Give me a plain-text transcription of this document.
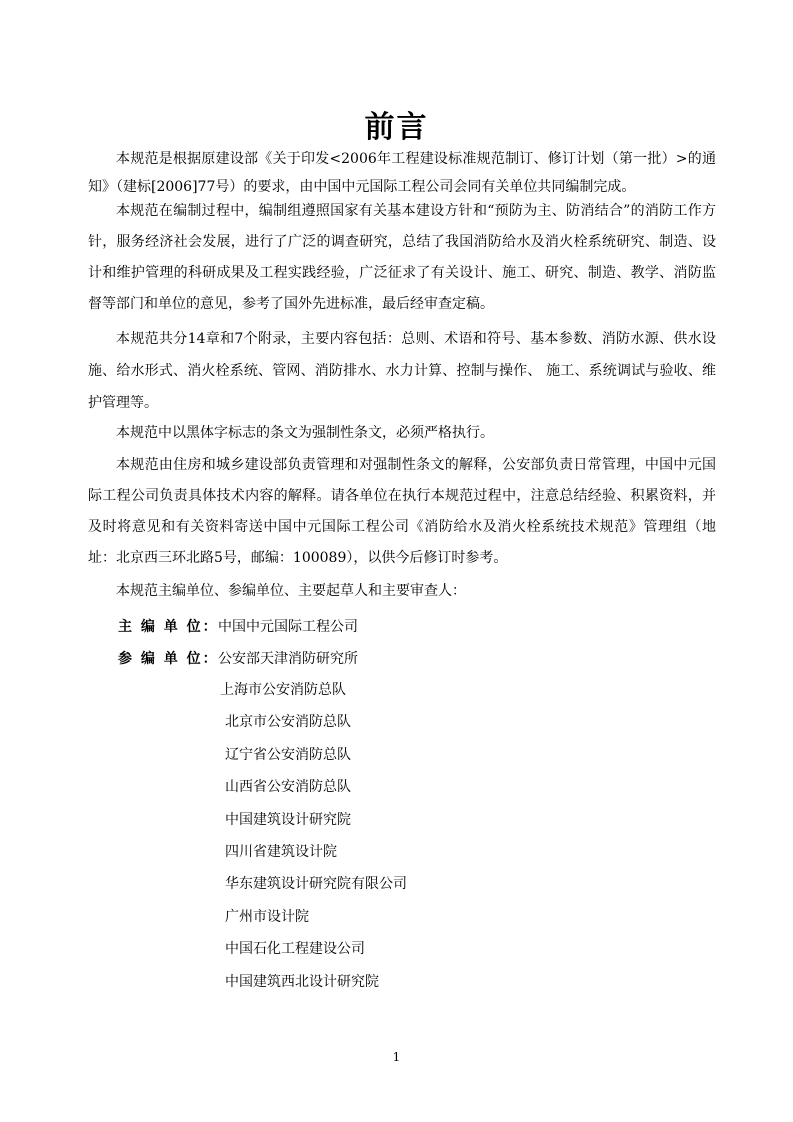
前言
本规范是根据原建设部《关于印发<2006年工程建设标准规范制订、修订计划（第一批）>的通知》（建标[2006]77号）的要求，由中国中元国际工程公司会同有关单位共同编制完成。
本规范在编制过程中，编制组遵照国家有关基本建设方针和“预防为主、防消结合”的消防工作方针，服务经济社会发展，进行了广泛的调查研究，总结了我国消防给水及消火栓系统研究、制造、设计和维护管理的科研成果及工程实践经验，广泛征求了有关设计、施工、研究、制造、教学、消防监督等部门和单位的意见，参考了国外先进标准，最后经审查定稿。
本规范共分14章和7个附录，主要内容包括：总则、术语和符号、基本参数、消防水源、供水设施、给水形式、消火栓系统、管网、消防排水、水力计算、控制与操作、 施工、系统调试与验收、维护管理等。
本规范中以黑体字标志的条文为强制性条文，必须严格执行。
本规范由住房和城乡建设部负责管理和对强制性条文的解释，公安部负责日常管理，中国中元国际工程公司负责具体技术内容的解释。请各单位在执行本规范过程中，注意总结经验、积累资料，并及时将意见和有关资料寄送中国中元国际工程公司《消防给水及消火栓系统技术规范》管理组（地址：北京西三环北路5号，邮编：100089），以供今后修订时参考。
本规范主编单位、参编单位、主要起草人和主要审查人：
主 编 单 位：中国中元国际工程公司
参 编 单 位：公安部天津消防研究所
上海市公安消防总队
北京市公安消防总队
辽宁省公安消防总队
山西省公安消防总队
中国建筑设计研究院
四川省建筑设计院
华东建筑设计研究院有限公司
广州市设计院
中国石化工程建设公司
中国建筑西北设计研究院
1
